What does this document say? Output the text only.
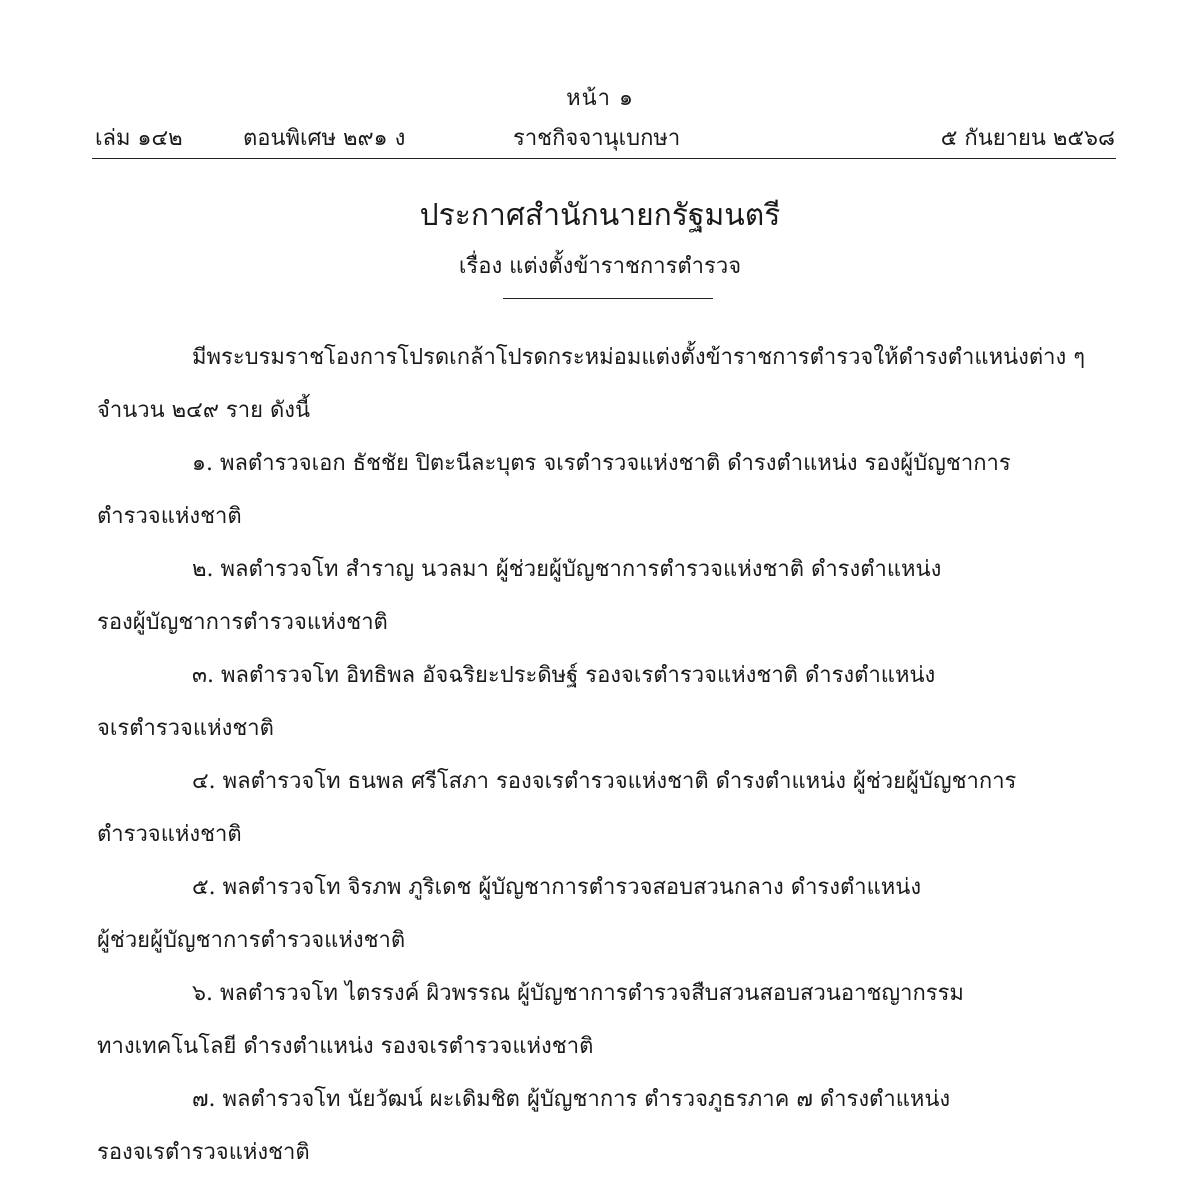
หน้า ๑
เล่ม ๑๔๒	ตอนพิเศษ ๒๙๑ ง	ราชกิจจานุเบกษา	๕ กันยายน ๒๕๖๘
ประกาศสำนักนายกรัฐมนตรี
เรื่อง แต่งตั้งข้าราชการตำรวจ
มีพระบรมราชโองการโปรดเกล้าโปรดกระหม่อมแต่งตั้งข้าราชการตำรวจให้ดำรงตำแหน่งต่าง ๆ
จำนวน ๒๔๙ ราย ดังนี้
๑. พลตำรวจเอก ธัชชัย ปิตะนีละบุตร จเรตำรวจแห่งชาติ ดำรงตำแหน่ง รองผู้บัญชาการ
ตำรวจแห่งชาติ
๒. พลตำรวจโท สำราญ นวลมา ผู้ช่วยผู้บัญชาการตำรวจแห่งชาติ ดำรงตำแหน่ง
รองผู้บัญชาการตำรวจแห่งชาติ
๓. พลตำรวจโท อิทธิพล อัจฉริยะประดิษฐ์ รองจเรตำรวจแห่งชาติ ดำรงตำแหน่ง
จเรตำรวจแห่งชาติ
๔. พลตำรวจโท ธนพล ศรีโสภา รองจเรตำรวจแห่งชาติ ดำรงตำแหน่ง ผู้ช่วยผู้บัญชาการ
ตำรวจแห่งชาติ
๕. พลตำรวจโท จิรภพ ภูริเดช ผู้บัญชาการตำรวจสอบสวนกลาง ดำรงตำแหน่ง
ผู้ช่วยผู้บัญชาการตำรวจแห่งชาติ
๖. พลตำรวจโท ไตรรงค์ ผิวพรรณ ผู้บัญชาการตำรวจสืบสวนสอบสวนอาชญากรรม
ทางเทคโนโลยี ดำรงตำแหน่ง รองจเรตำรวจแห่งชาติ
๗. พลตำรวจโท นัยวัฒน์ ผะเดิมชิต ผู้บัญชาการ ตำรวจภูธรภาค ๗ ดำรงตำแหน่ง
รองจเรตำรวจแห่งชาติ
